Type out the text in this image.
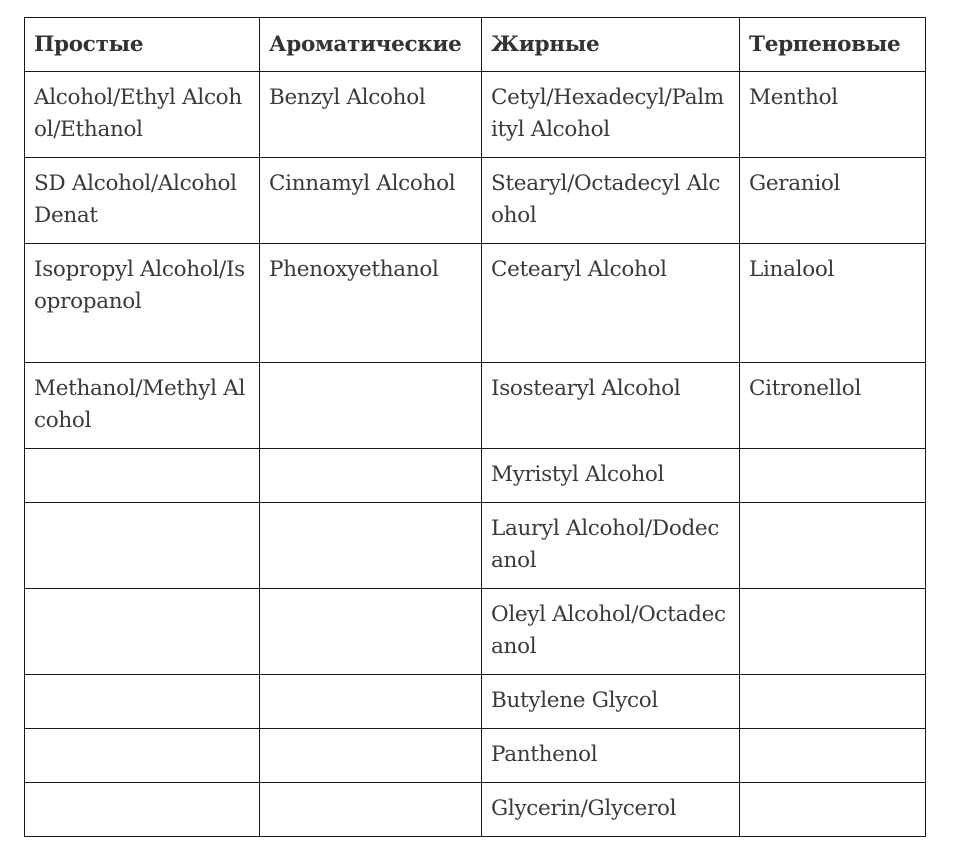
Простые	Ароматические	Жирные	Терпеновые
Alcohol/Ethyl Alcohol/Ethanol	Benzyl Alcohol	Cetyl/Hexadecyl/Palmityl Alcohol	Menthol
SD Alcohol/Alcohol Denat	Cinnamyl Alcohol	Stearyl/Octadecyl Alcohol	Geraniol
Isopropyl Alcohol/Isopropanol	Phenoxyethanol	Cetearyl Alcohol	Linalool
Methanol/Methyl Alcohol		Isostearyl Alcohol	Citronellol
		Myristyl Alcohol	
		Lauryl Alcohol/Dodecanol	
		Oleyl Alcohol/Octadecanol	
		Butylene Glycol	
		Panthenol	
		Glycerin/Glycerol	
